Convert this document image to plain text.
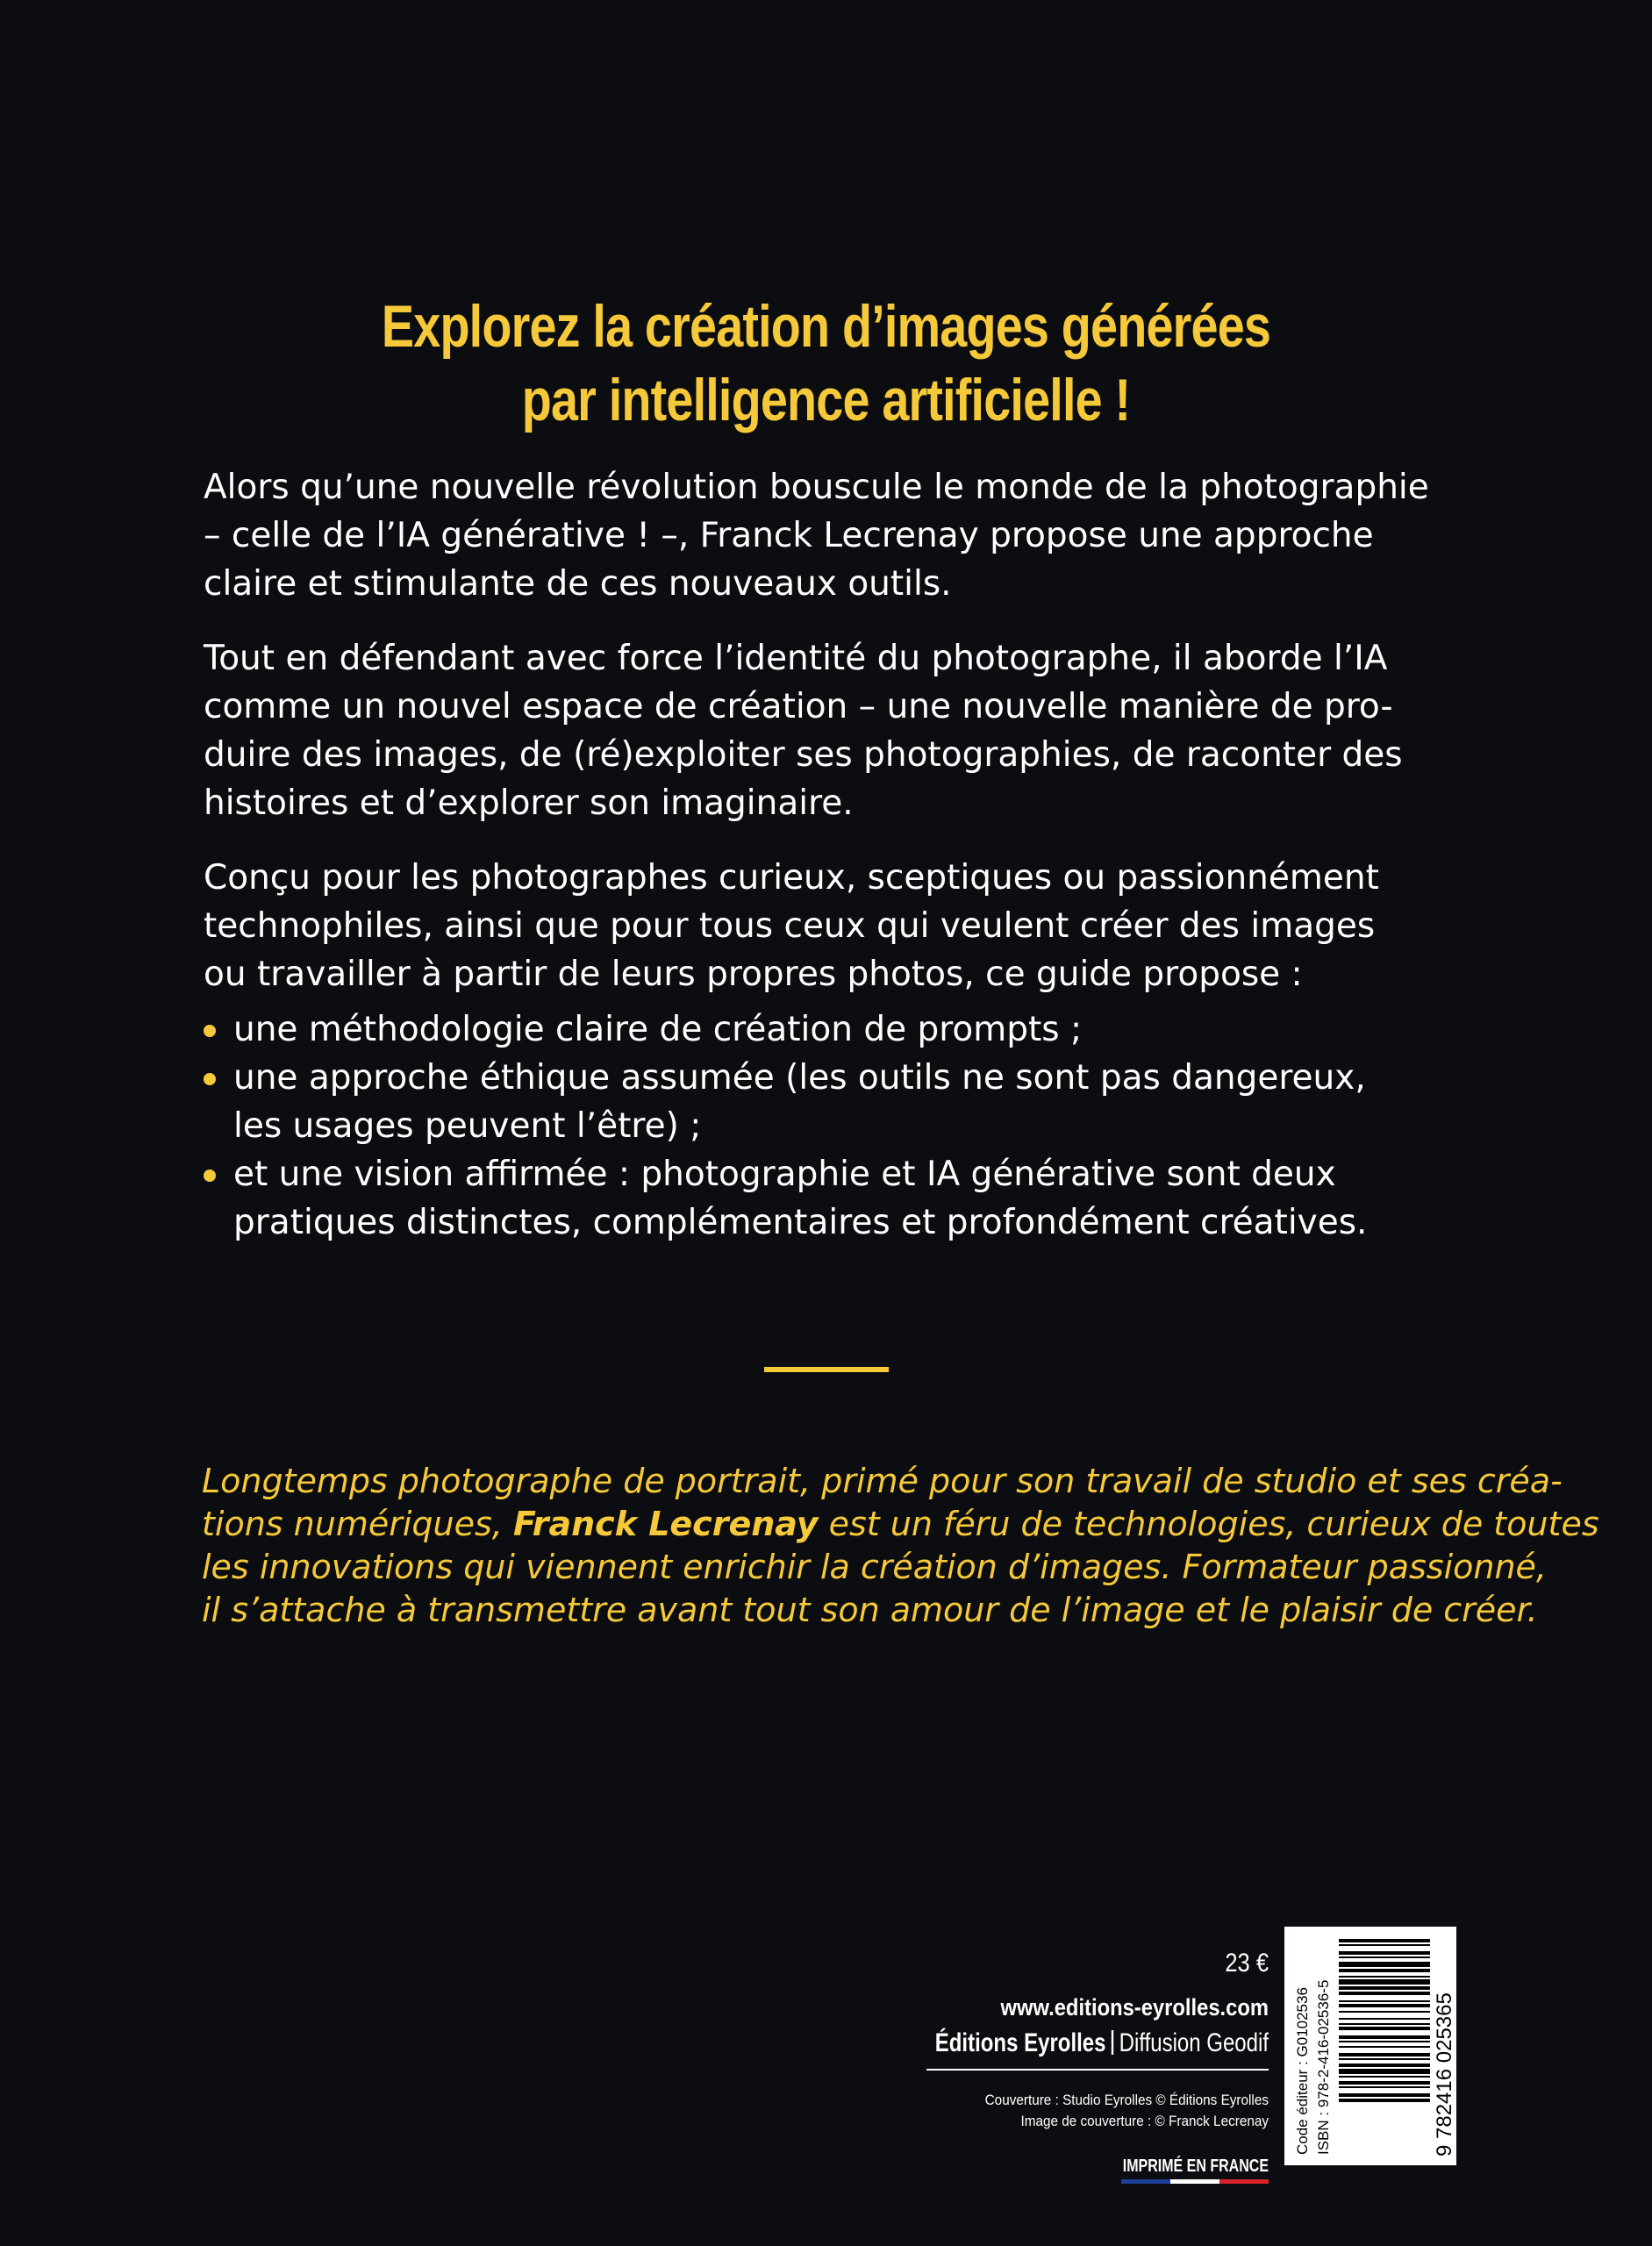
Explorez la création d’images générées
par intelligence artificielle !

Alors qu’une nouvelle révolution bouscule le monde de la photographie
– celle de l’IA générative ! –, Franck Lecrenay propose une approche
claire et stimulante de ces nouveaux outils.

Tout en défendant avec force l’identité du photographe, il aborde l’IA
comme un nouvel espace de création – une nouvelle manière de pro-
duire des images, de (ré)exploiter ses photographies, de raconter des
histoires et d’explorer son imaginaire.

Conçu pour les photographes curieux, sceptiques ou passionnément
technophiles, ainsi que pour tous ceux qui veulent créer des images
ou travailler à partir de leurs propres photos, ce guide propose :

une méthodologie claire de création de prompts ;
une approche éthique assumée (les outils ne sont pas dangereux,
les usages peuvent l’être) ;
et une vision affirmée : photographie et IA générative sont deux
pratiques distinctes, complémentaires et profondément créatives.
Longtemps photographe de portrait, primé pour son travail de studio et ses créa-
tions numériques, Franck Lecrenay est un féru de technologies, curieux de toutes
les innovations qui viennent enrichir la création d’images. Formateur passionné,
il s’attache à transmettre avant tout son amour de l’image et le plaisir de créer.
23 €
www.editions-eyrolles.com
Éditions Eyrolles Diffusion Geodif
Couverture : Studio Eyrolles © Éditions Eyrolles
Image de couverture : © Franck Lecrenay
IMPRIMÉ EN FRANCE
Code éditeur : G0102536 ISBN : 978-2-416-02536-5	9 782416 025365
